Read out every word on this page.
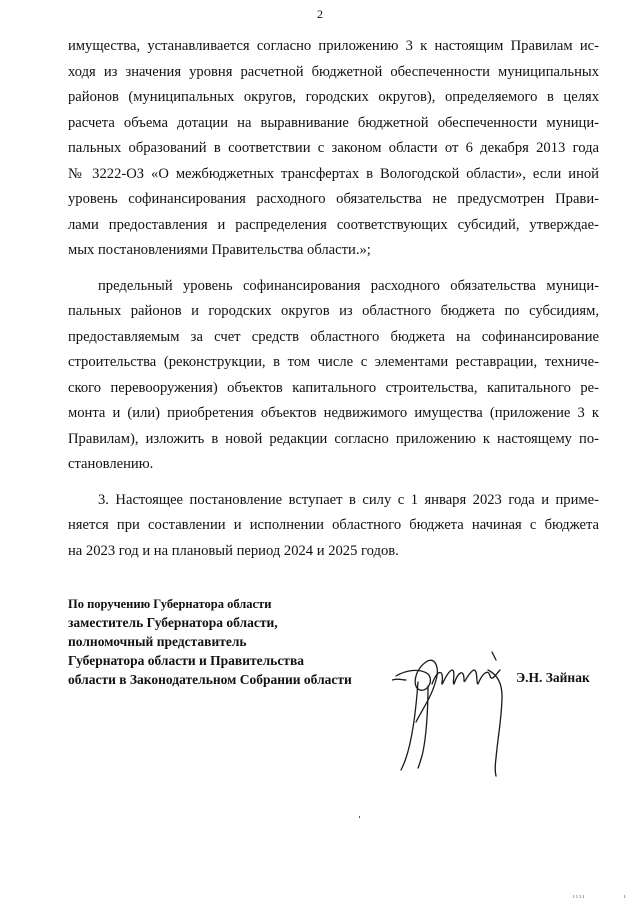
2
имущества, устанавливается согласно приложению 3 к настоящим Правилам ис-
ходя из значения уровня расчетной бюджетной обеспеченности муниципальных
районов (муниципальных округов, городских округов), определяемого в целях
расчета объема дотации на выравнивание бюджетной обеспеченности муници-
пальных образований в соответствии с законом области от 6 декабря 2013 года
№ 3222-ОЗ «О межбюджетных трансфертах в Вологодской области», если иной
уровень софинансирования расходного обязательства не предусмотрен Прави-
лами предоставления и распределения соответствующих субсидий, утверждае-
мых постановлениями Правительства области.»;
предельный уровень софинансирования расходного обязательства муници-
пальных районов и городских округов из областного бюджета по субсидиям,
предоставляемым за счет средств областного бюджета на софинансирование
строительства (реконструкции, в том числе с элементами реставрации, техниче-
ского перевооружения) объектов капитального строительства, капитального ре-
монта и (или) приобретения объектов недвижимого имущества (приложение 3 к
Правилам), изложить в новой редакции согласно приложению к настоящему по-
становлению.
3. Настоящее постановление вступает в силу с 1 января 2023 года и приме-
няется при составлении и исполнении областного бюджета начиная с бюджета
на 2023 год и на плановый период 2024 и 2025 годов.
По поручению Губернатора области
заместитель Губернатора области,
полномочный представитель
Губернатора области и Правительства
области в Законодательном Собрании области	Э.Н. Зайнак
ı ı ı ı	ı
